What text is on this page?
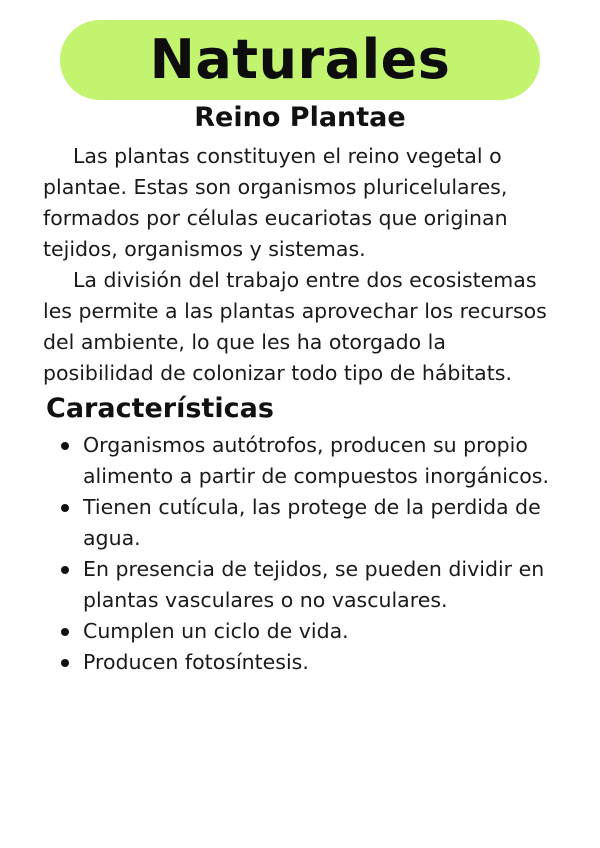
Naturales
Reino Plantae

Las plantas constituyen el reino vegetal o plantae. Estas son organismos pluricelulares, formados por células eucariotas que originan tejidos, organismos y sistemas.

La división del trabajo entre dos ecosistemas les permite a las plantas aprovechar los recursos del ambiente, lo que les ha otorgado la posibilidad de colonizar todo tipo de hábitats.

Características
Organismos autótrofos, producen su propio alimento a partir de compuestos inorgánicos.
Tienen cutícula, las protege de la perdida de agua.
En presencia de tejidos, se pueden dividir en plantas vasculares o no vasculares.
Cumplen un ciclo de vida.
Producen fotosíntesis.
